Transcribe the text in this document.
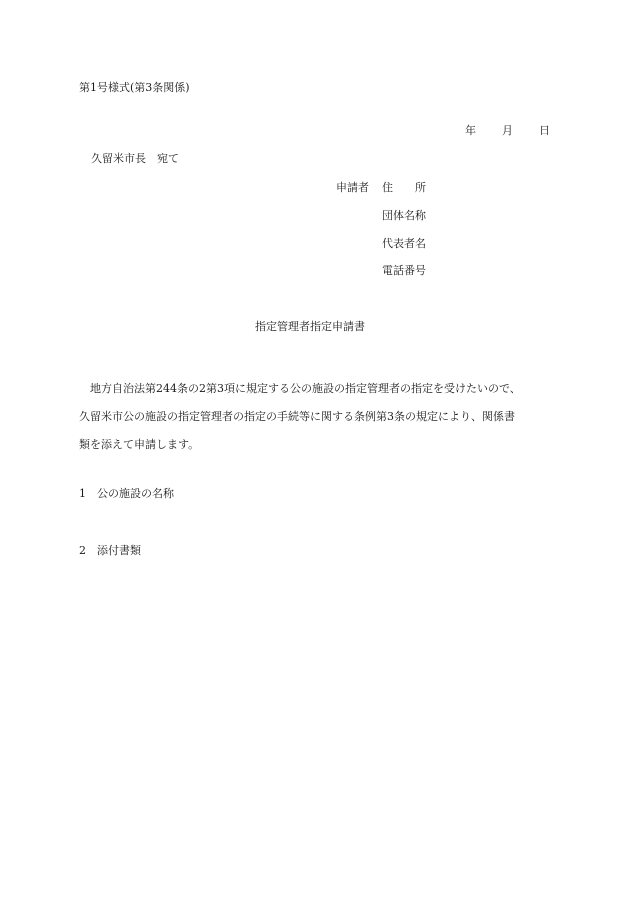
第1号様式(第3条関係)
年 月 日
久留米市長　宛て
申請者 住　　所
団体名称
代表者名
電話番号
指定管理者指定申請書
　地方自治法第244条の2第3項に規定する公の施設の指定管理者の指定を受けたいので、
久留米市公の施設の指定管理者の指定の手続等に関する条例第3条の規定により、関係書
類を添えて申請します。
1 公の施設の名称
2 添付書類
